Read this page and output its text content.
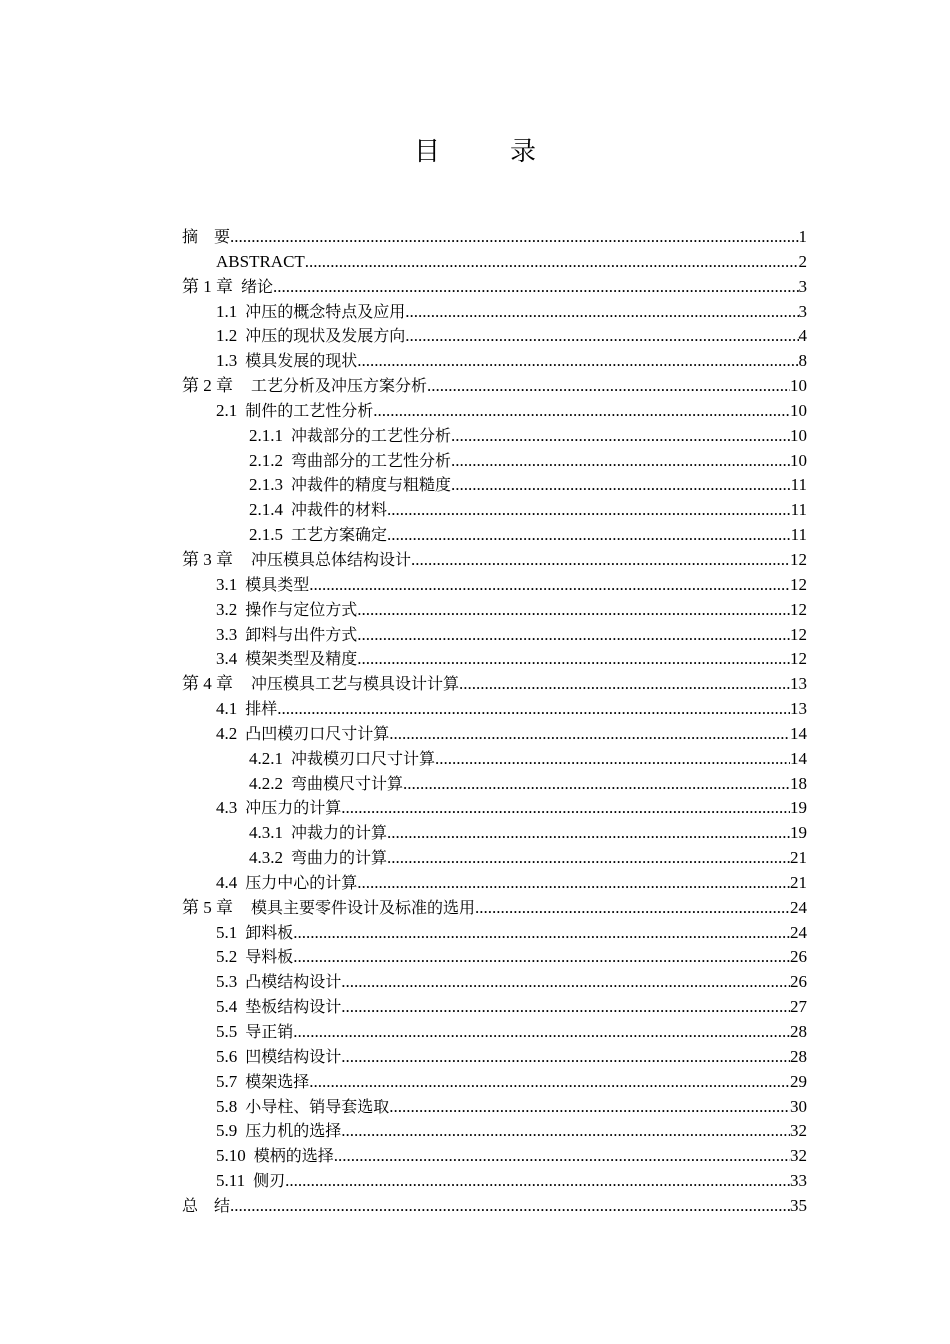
目　录
摘　要 .....	1
ABSTRACT .....	2
第 1 章 绪论 .....	3
1.1 冲压的概念特点及应用 .....	3
1.2 冲压的现状及发展方向 .....	4
1.3 模具发展的现状 .....	8
第 2 章 工艺分析及冲压方案分析 .....	10
2.1 制件的工艺性分析 .....	10
2.1.1 冲裁部分的工艺性分析 .....	10
2.1.2 弯曲部分的工艺性分析 .....	10
2.1.3 冲裁件的精度与粗糙度 .....	11
2.1.4 冲裁件的材料 .....	11
2.1.5 工艺方案确定 .....	11
第 3 章 冲压模具总体结构设计 .....	12
3.1 模具类型 .....	12
3.2 操作与定位方式 .....	12
3.3 卸料与出件方式 .....	12
3.4 模架类型及精度 .....	12
第 4 章 冲压模具工艺与模具设计计算 .....	13
4.1 排样 .....	13
4.2 凸凹模刃口尺寸计算 .....	14
4.2.1 冲裁模刃口尺寸计算 .....	14
4.2.2 弯曲模尺寸计算 .....	18
4.3 冲压力的计算 .....	19
4.3.1 冲裁力的计算 .....	19
4.3.2 弯曲力的计算 .....	21
4.4 压力中心的计算 .....	21
第 5 章 模具主要零件设计及标准的选用 .....	24
5.1 卸料板 .....	24
5.2 导料板 .....	26
5.3 凸模结构设计 .....	26
5.4 垫板结构设计 .....	27
5.5 导正销 .....	28
5.6 凹模结构设计 .....	28
5.7 模架选择 .....	29
5.8 小导柱、销导套选取 .....	30
5.9 压力机的选择 .....	32
5.10 模柄的选择 .....	32
5.11 侧刃 .....	33
总　结 .....	35
